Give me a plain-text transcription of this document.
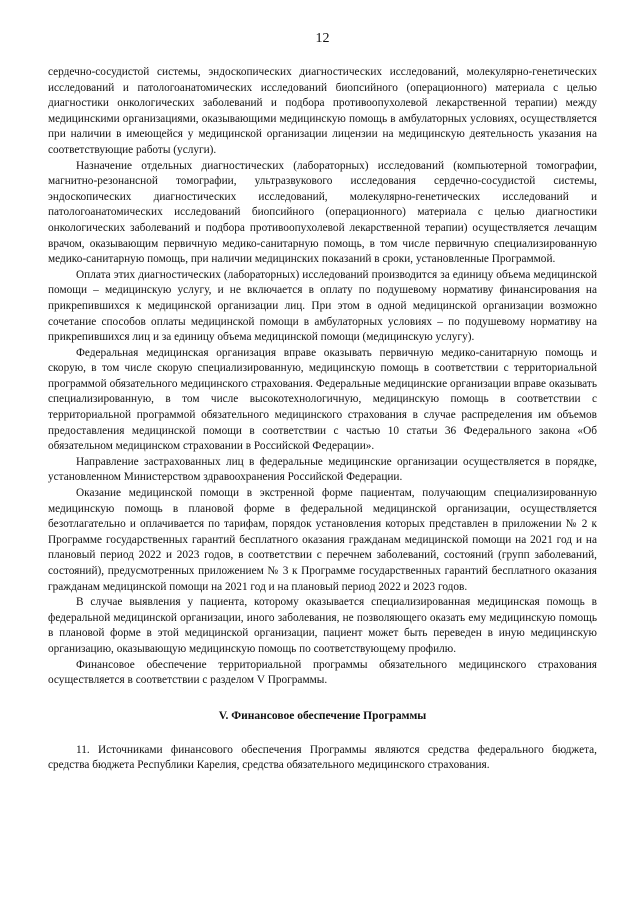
12

сердечно-сосудистой системы, эндоскопических диагностических исследований, молекулярно-генетических исследований и патологоанатомических исследований биопсийного (операционного) материала с целью диагностики онкологических заболеваний и подбора противоопухолевой лекарственной терапии) между медицинскими организациями, оказывающими медицинскую помощь в амбулаторных условиях, осуществляется при наличии в имеющейся у медицинской организации лицензии на медицинскую деятельность указания на соответствующие работы (услуги).

Назначение отдельных диагностических (лабораторных) исследований (компьютерной томографии, магнитно-резонансной томографии, ультразвукового исследования сердечно-сосудистой системы, эндоскопических диагностических исследований, молекулярно-генетических исследований и патологоанатомических исследований биопсийного (операционного) материала с целью диагностики онкологических заболеваний и подбора противоопухолевой лекарственной терапии) осуществляется лечащим врачом, оказывающим первичную медико-санитарную помощь, в том числе первичную специализированную медико-санитарную помощь, при наличии медицинских показаний в сроки, установленные Программой.

Оплата этих диагностических (лабораторных) исследований производится за единицу объема медицинской помощи – медицинскую услугу, и не включается в оплату по подушевому нормативу финансирования на прикрепившихся к медицинской организации лиц. При этом в одной медицинской организации возможно сочетание способов оплаты медицинской помощи в амбулаторных условиях – по подушевому нормативу на прикрепившихся лиц и за единицу объема медицинской помощи (медицинскую услугу).

Федеральная медицинская организация вправе оказывать первичную медико-санитарную помощь и скорую, в том числе скорую специализированную, медицинскую помощь в соответствии с территориальной программой обязательного медицинского страхования. Федеральные медицинские организации вправе оказывать специализированную, в том числе высокотехнологичную, медицинскую помощь в соответствии с территориальной программой обязательного медицинского страхования в случае распределения им объемов предоставления медицинской помощи в соответствии с частью 10 статьи 36 Федерального закона «Об обязательном медицинском страховании в Российской Федерации».

Направление застрахованных лиц в федеральные медицинские организации осуществляется в порядке, установленном Министерством здравоохранения Российской Федерации.

Оказание медицинской помощи в экстренной форме пациентам, получающим специализированную медицинскую помощь в плановой форме в федеральной медицинской организации, осуществляется безотлагательно и оплачивается по тарифам, порядок установления которых представлен в приложении № 2 к Программе государственных гарантий бесплатного оказания гражданам медицинской помощи на 2021 год и на плановый период 2022 и 2023 годов, в соответствии с перечнем заболеваний, состояний (групп заболеваний, состояний), предусмотренных приложением № 3 к Программе государственных гарантий бесплатного оказания гражданам медицинской помощи на 2021 год и на плановый период 2022 и 2023 годов.

В случае выявления у пациента, которому оказывается специализированная медицинская помощь в федеральной медицинской организации, иного заболевания, не позволяющего оказать ему медицинскую помощь в плановой форме в этой медицинской организации, пациент может быть переведен в иную медицинскую организацию, оказывающую медицинскую помощь по соответствующему профилю.

Финансовое обеспечение территориальной программы обязательного медицинского страхования осуществляется в соответствии с разделом V Программы.

V. Финансовое обеспечение Программы

11. Источниками финансового обеспечения Программы являются средства федерального бюджета, средства бюджета Республики Карелия, средства обязательного медицинского страхования.
